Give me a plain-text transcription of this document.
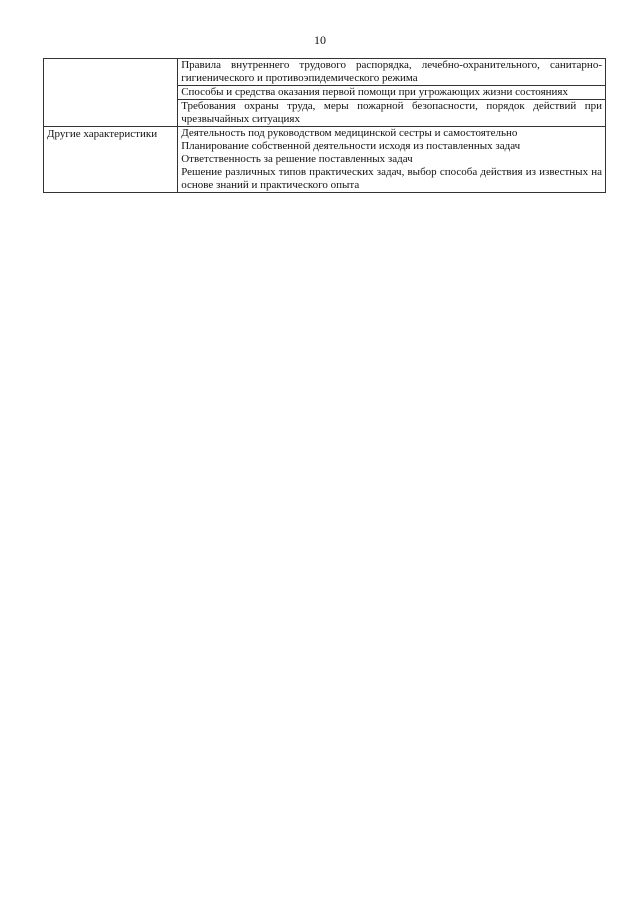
10
	Правила внутреннего трудового распорядка, лечебно-охранительного, санитарно-гигиенического и противоэпидемического режима
	Способы и средства оказания первой помощи при угрожающих жизни состояниях
	Требования охраны труда, меры пожарной безопасности, порядок действий при чрезвычайных ситуациях
Другие характеристики	Деятельность под руководством медицинской сестры и самостоятельно
Планирование собственной деятельности исходя из поставленных задач
Ответственность за решение поставленных задач
Решение различных типов практических задач, выбор способа действия из известных на основе знаний и практического опыта
